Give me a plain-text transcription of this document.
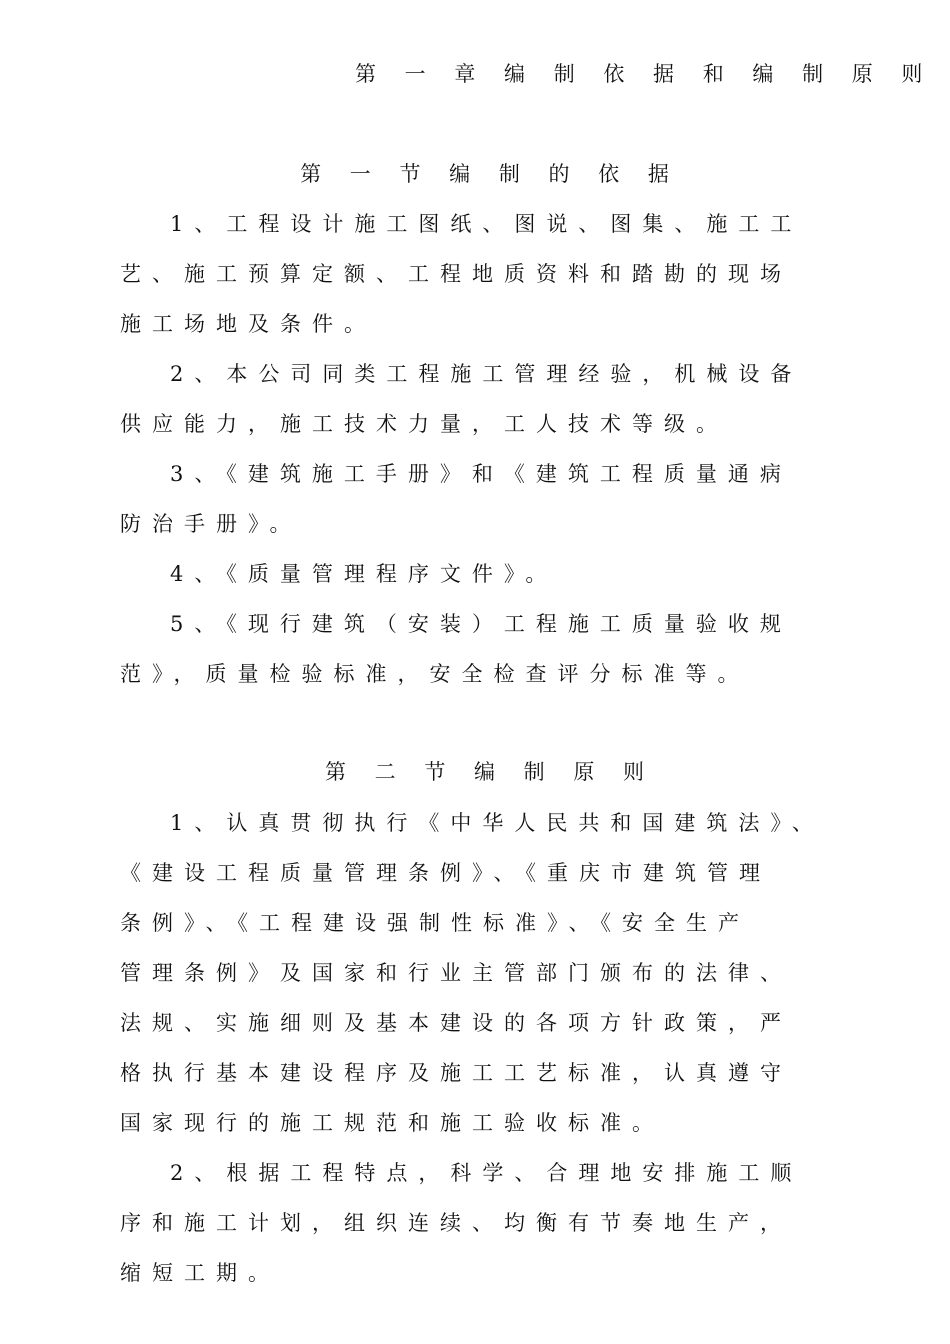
第 一 章 编 制 依 据 和 编 制 原 则
第 一 节 编 制 的 依 据
1、工程设计施工图纸、图说、图集、施工工
艺、施工预算定额、工程地质资料和踏勘的现场
施工场地及条件。
2、本公司同类工程施工管理经验，机械设备
供应能力，施工技术力量，工人技术等级。
3、《建筑施工手册》和《建筑工程质量通病
防治手册》。
4、《质量管理程序文件》。
5、《现行建筑（安装）工程施工质量验收规
范》，质量检验标准，安全检查评分标准等。
第 二 节 编 制 原 则
1、认真贯彻执行《中华人民共和国建筑法》、
《建设工程质量管理条例》、《重庆市建筑管理
条例》、《工程建设强制性标准》、《安全生产
管理条例》及国家和行业主管部门颁布的法律、
法规、实施细则及基本建设的各项方针政策，严
格执行基本建设程序及施工工艺标准，认真遵守
国家现行的施工规范和施工验收标准。
2、根据工程特点，科学、合理地安排施工顺
序和施工计划，组织连续、均衡有节奏地生产，
缩短工期。
